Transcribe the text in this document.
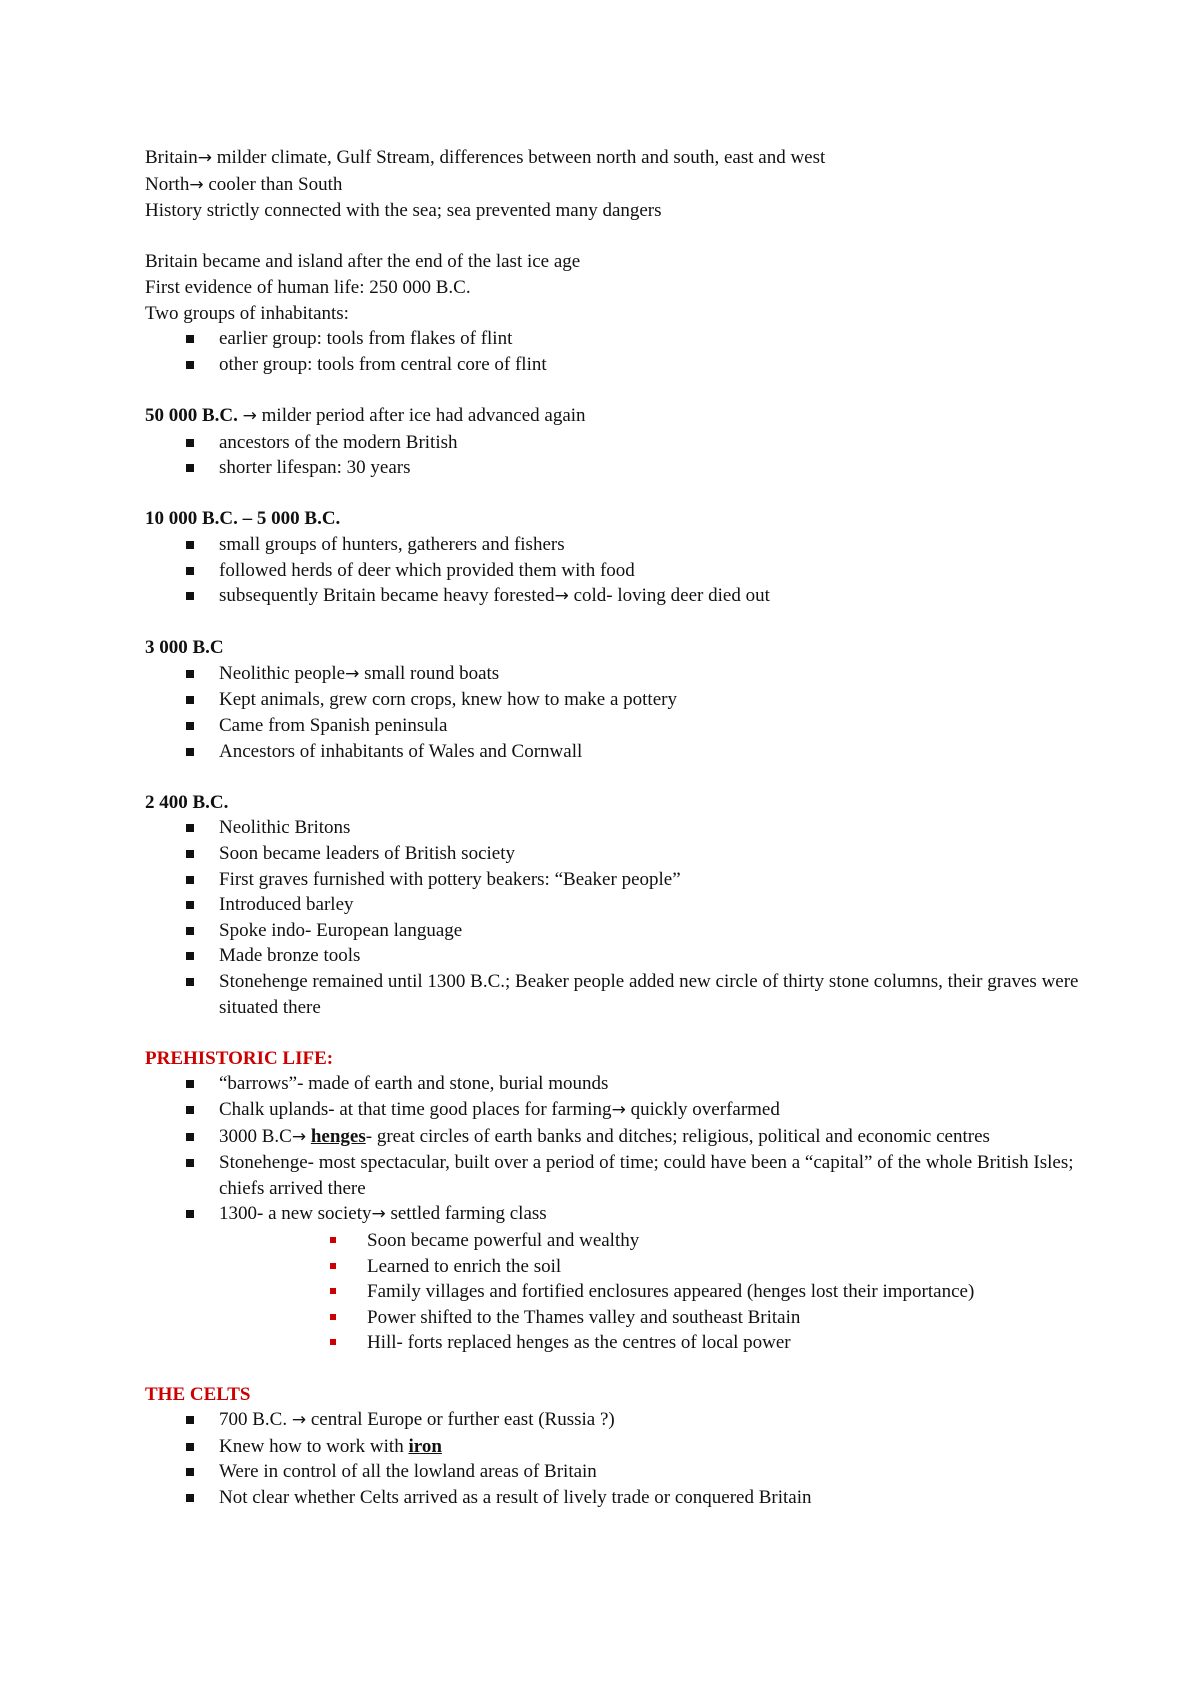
Britain→ milder climate, Gulf Stream, differences between north and south, east and west
North→ cooler than South
History strictly connected with the sea; sea prevented many dangers
Britain became and island after the end of the last ice age
First evidence of human life: 250 000 B.C.
Two groups of inhabitants:
earlier group: tools from flakes of flint
other group: tools from central core of flint
50 000 B.C. → milder period after ice had advanced again
ancestors of the modern British
shorter lifespan: 30 years
10 000 B.C. – 5 000 B.C.
small groups of hunters, gatherers and fishers
followed herds of deer which provided them with food
subsequently Britain became heavy forested→ cold- loving deer died out
3 000 B.C
Neolithic people→ small round boats
Kept animals, grew corn crops, knew how to make a pottery
Came from Spanish peninsula
Ancestors of inhabitants of Wales and Cornwall
2 400 B.C.
Neolithic Britons
Soon became leaders of British society
First graves furnished with pottery beakers: “Beaker people”
Introduced barley
Spoke indo- European language
Made bronze tools
Stonehenge remained until 1300 B.C.; Beaker people added new circle of thirty stone columns, their graves were situated there
PREHISTORIC LIFE:
“barrows”- made of earth and stone, burial mounds
Chalk uplands- at that time good places for farming→ quickly overfarmed
3000 B.C→ henges- great circles of earth banks and ditches; religious, political and economic centres
Stonehenge- most spectacular, built over a period of time; could have been a “capital” of the whole British Isles; chiefs arrived there
1300- a new society→ settled farming class
Soon became powerful and wealthy
Learned to enrich the soil
Family villages and fortified enclosures appeared (henges lost their importance)
Power shifted to the Thames valley and southeast Britain
Hill- forts replaced henges as the centres of local power
THE CELTS
700 B.C. → central Europe or further east (Russia ?)
Knew how to work with iron
Were in control of all the lowland areas of Britain
Not clear whether Celts arrived as a result of lively trade or conquered Britain
